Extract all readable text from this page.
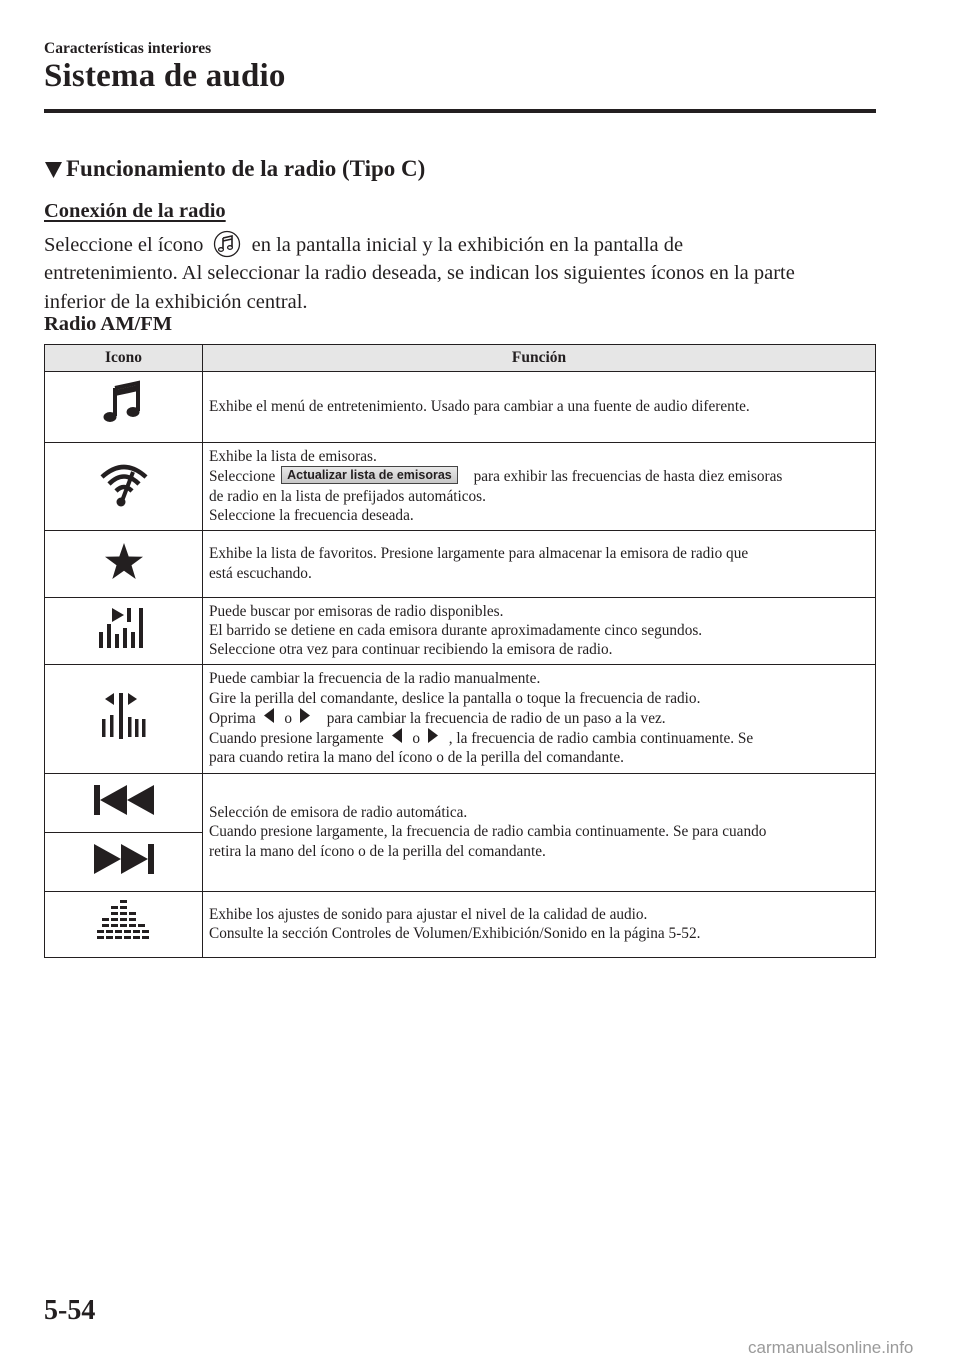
Características interiores
Sistema de audio
Funcionamiento de la radio (Tipo C)
Conexión de la radio
Seleccione el ícono en la pantalla inicial y la exhibición en la pantalla de
entretenimiento. Al seleccionar la radio deseada, se indican los siguientes íconos en la parte
inferior de la exhibición central.
Radio AM/FM
Icono	Función

Exhibe el menú de entretenimiento. Usado para cambiar a una fuente de audio diferente.

Exhibe la lista de emisoras.
Seleccione Actualizar lista de emisoras para exhibir las frecuencias de hasta diez emisoras
de radio en la lista de prefijados automáticos.
Seleccione la frecuencia deseada.

Exhibe la lista de favoritos. Presione largamente para almacenar la emisora de radio que
está escuchando.

Puede buscar por emisoras de radio disponibles.
El barrido se detiene en cada emisora durante aproximadamente cinco segundos.
Seleccione otra vez para continuar recibiendo la emisora de radio.

Puede cambiar la frecuencia de la radio manualmente.
Gire la perilla del comandante, deslice la pantalla o toque la frecuencia de radio.
Oprima o para cambiar la frecuencia de radio de un paso a la vez.
Cuando presione largamente o , la frecuencia de radio cambia continuamente. Se
para cuando retira la mano del ícono o de la perilla del comandante.

Selección de emisora de radio automática.
Cuando presione largamente, la frecuencia de radio cambia continuamente. Se para cuando
retira la mano del ícono o de la perilla del comandante.

Exhibe los ajustes de sonido para ajustar el nivel de la calidad de audio.
Consulte la sección Controles de Volumen/Exhibición/Sonido en la página 5-52.
5-54
carmanualsonline.info
